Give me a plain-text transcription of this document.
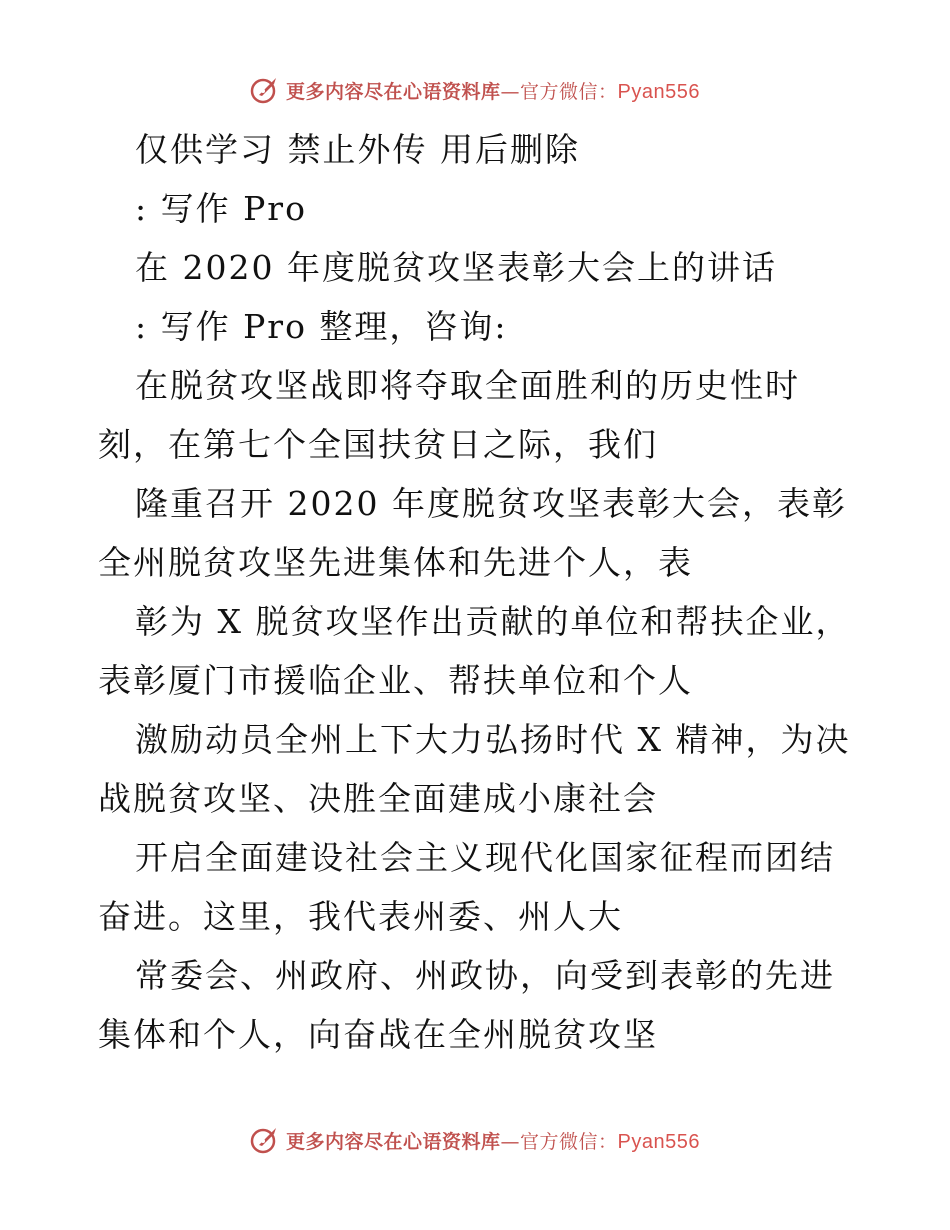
更多内容尽在心语资料库—官方微信：Pyan556

仅供学习 禁止外传 用后删除

: 写作 Pro

在 2020 年度脱贫攻坚表彰大会上的讲话

: 写作 Pro 整理，咨询:

在脱贫攻坚战即将夺取全面胜利的历史性时刻，在第七个全国扶贫日之际，我们

隆重召开 2020 年度脱贫攻坚表彰大会，表彰全州脱贫攻坚先进集体和先进个人，表

彰为 X 脱贫攻坚作出贡献的单位和帮扶企业，表彰厦门市援临企业、帮扶单位和个人

激励动员全州上下大力弘扬时代 X 精神，为决战脱贫攻坚、决胜全面建成小康社会

开启全面建设社会主义现代化国家征程而团结奋进。这里，我代表州委、州人大

常委会、州政府、州政协，向受到表彰的先进集体和个人，向奋战在全州脱贫攻坚

更多内容尽在心语资料库—官方微信：Pyan556
